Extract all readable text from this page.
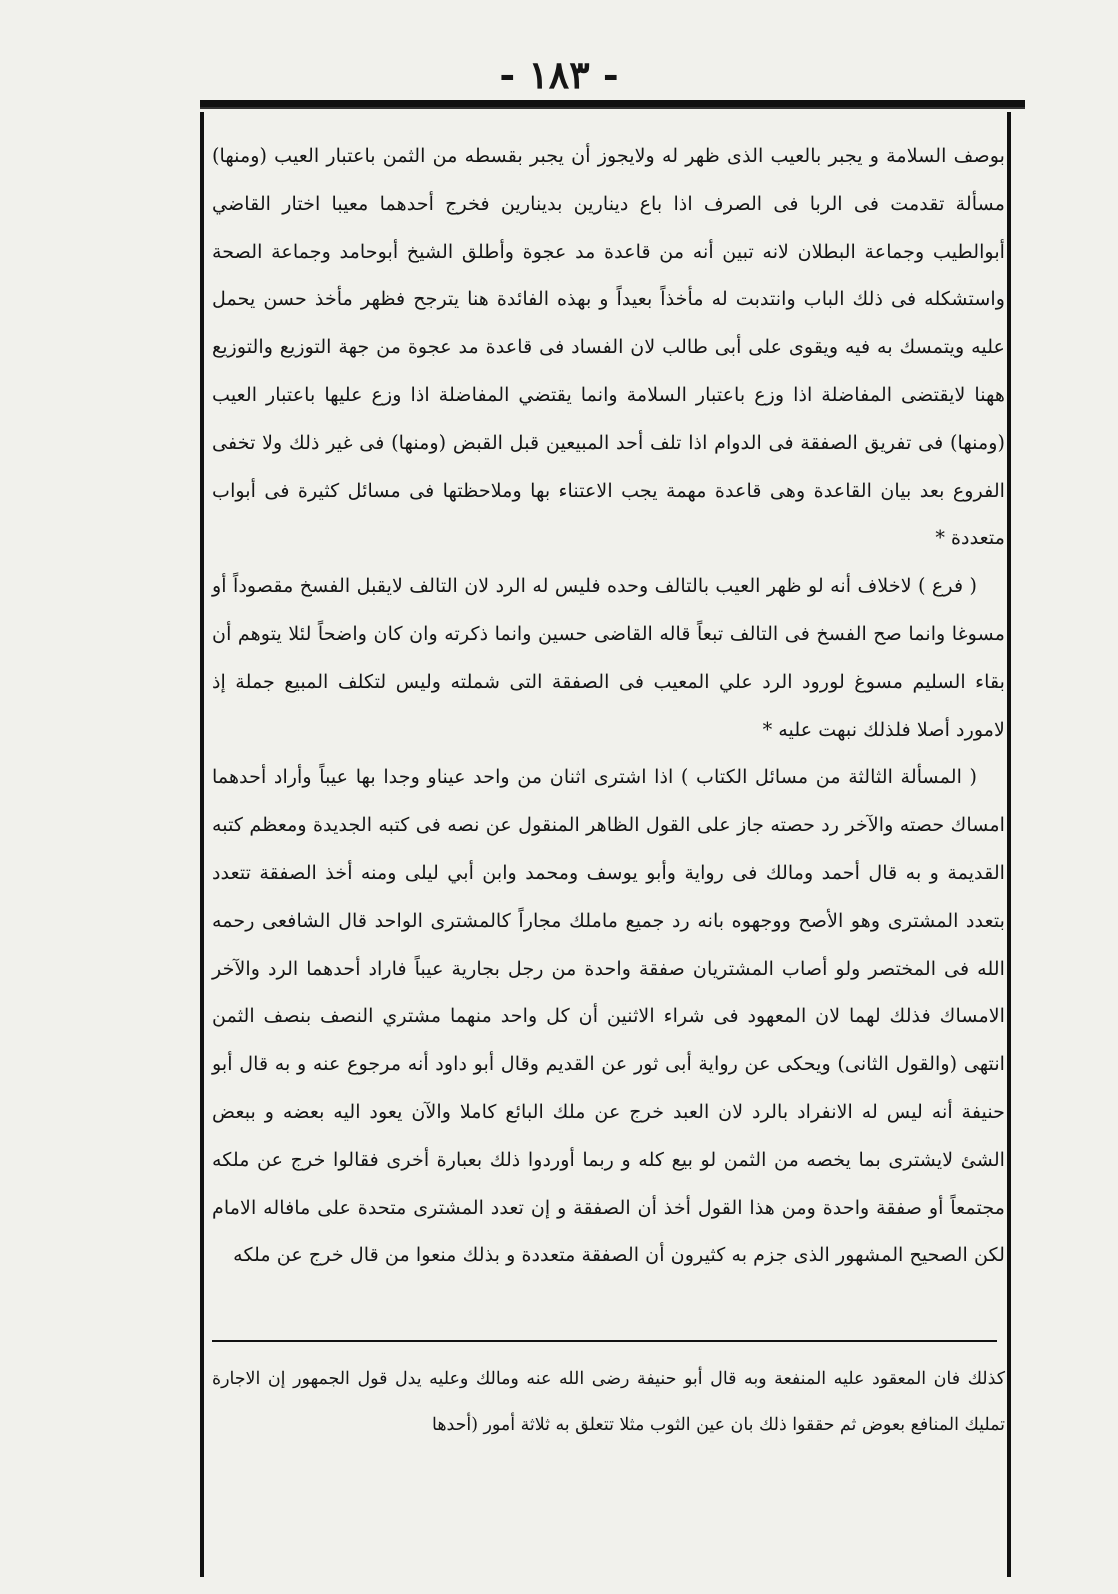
- ١٨٣ -

بوصف السلامة و يجبر بالعيب الذى ظهر له ولايجوز أن يجبر بقسطه من الثمن باعتبار العيب (ومنها) مسألة تقدمت فى الربا فى الصرف اذا باع دينارين بدينارين فخرج أحدهما معيبا اختار القاضي أبوالطيب وجماعة البطلان لانه تبين أنه من قاعدة مد عجوة وأطلق الشيخ أبوحامد وجماعة الصحة واستشكله فى ذلك الباب وانتدبت له مأخذاً بعيداً و بهذه الفائدة هنا يترجح فظهر مأخذ حسن يحمل عليه ويتمسك به فيه ويقوى على أبى طالب لان الفساد فى قاعدة مد عجوة من جهة التوزيع والتوزيع ههنا لايقتضى المفاضلة اذا وزع باعتبار السلامة وانما يقتضي المفاضلة اذا وزع عليها باعتبار العيب (ومنها) فى تفريق الصفقة فى الدوام اذا تلف أحد المبيعين قبل القبض (ومنها) فى غير ذلك ولا تخفى الفروع بعد بيان القاعدة وهى قاعدة مهمة يجب الاعتناء بها وملاحظتها فى مسائل كثيرة فى أبواب متعددة *

( فرع ) لاخلاف أنه لو ظهر العيب بالتالف وحده فليس له الرد لان التالف لايقبل الفسخ مقصوداً أو مسوغا وانما صح الفسخ فى التالف تبعاً قاله القاضى حسين وانما ذكرته وان كان واضحاً لئلا يتوهم أن بقاء السليم مسوغ لورود الرد علي المعيب فى الصفقة التى شملته وليس لتكلف المبيع جملة إذ لامورد أصلا فلذلك نبهت عليه *

( المسألة الثالثة من مسائل الكتاب ) اذا اشترى اثنان من واحد عيناو وجدا بها عيباً وأراد أحدهما امساك حصته والآخر رد حصته جاز على القول الظاهر المنقول عن نصه فى كتبه الجديدة ومعظم كتبه القديمة و به قال أحمد ومالك فى رواية وأبو يوسف ومحمد وابن أبي ليلى ومنه أخذ الصفقة تتعدد بتعدد المشترى وهو الأصح ووجهوه بانه رد جميع ماملك مجاراً كالمشترى الواحد قال الشافعى رحمه الله فى المختصر ولو أصاب المشتريان صفقة واحدة من رجل بجارية عيباً فاراد أحدهما الرد والآخر الامساك فذلك لهما لان المعهود فى شراء الاثنين أن كل واحد منهما مشتري النصف بنصف الثمن انتهى (والقول الثانى) ويحكى عن رواية أبى ثور عن القديم وقال أبو داود أنه مرجوع عنه و به قال أبو حنيفة أنه ليس له الانفراد بالرد لان العبد خرج عن ملك البائع كاملا والآن يعود اليه بعضه و ببعض الشئ لايشترى بما يخصه من الثمن لو بيع كله و ربما أوردوا ذلك بعبارة أخرى فقالوا خرج عن ملكه مجتمعاً أو صفقة واحدة ومن هذا القول أخذ أن الصفقة و إن تعدد المشترى متحدة على مافاله الامام لكن الصحيح المشهور الذى جزم به كثيرون أن الصفقة متعددة و بذلك منعوا من قال خرج عن ملكه

كذلك فان المعقود عليه المنفعة وبه قال أبو حنيفة رضى الله عنه ومالك وعليه يدل قول الجمهور إن الاجارة تمليك المنافع بعوض ثم حققوا ذلك بان عين الثوب مثلا تتعلق به ثلاثة أمور (أحدها
